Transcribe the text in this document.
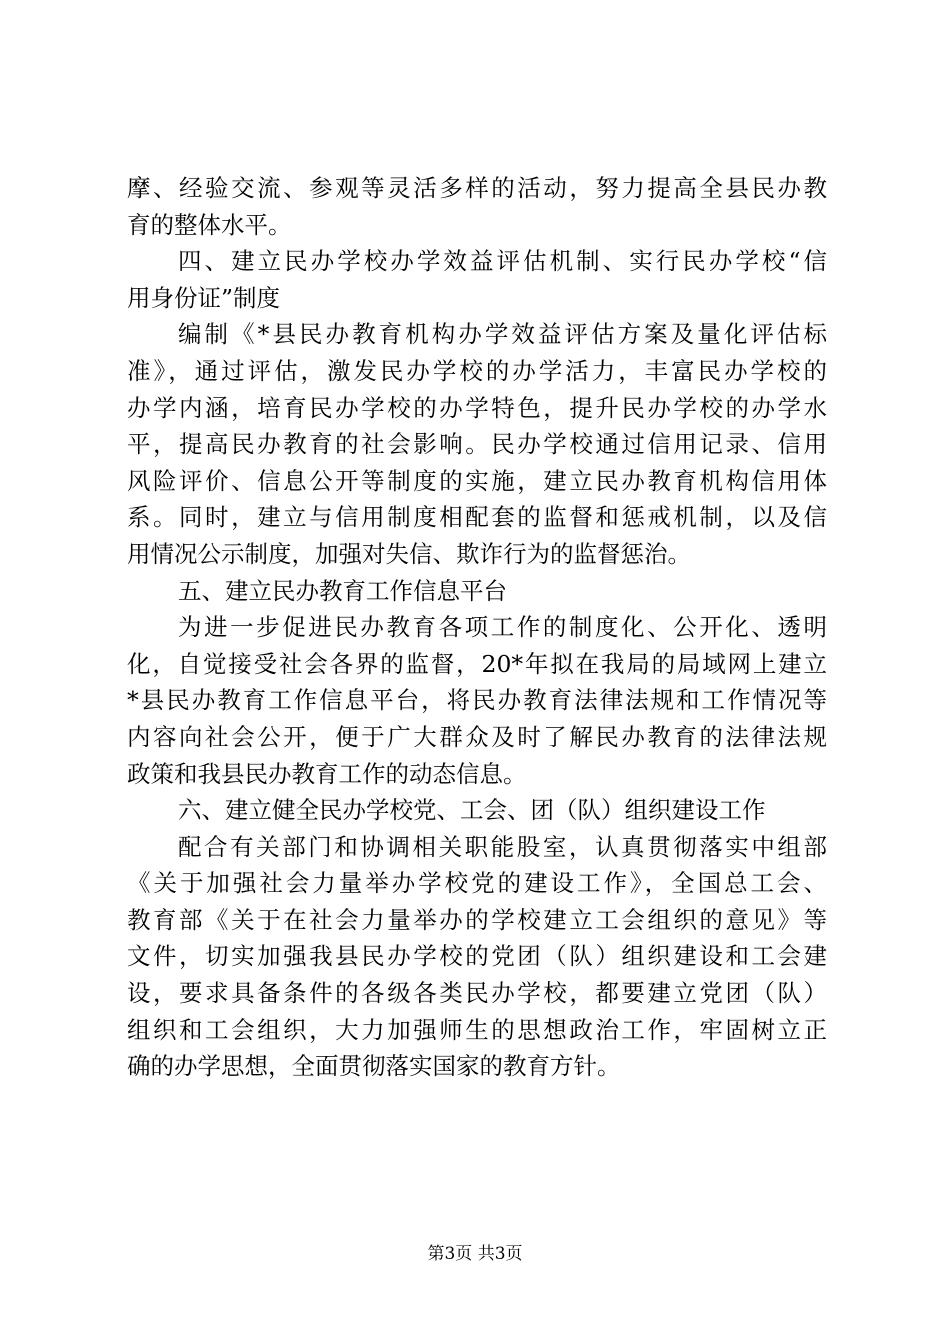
摩、经验交流、参观等灵活多样的活动，努力提高全县民办教
育的整体水平。
四、建立民办学校办学效益评估机制、实行民办学校“信
用身份证”制度
编制《*县民办教育机构办学效益评估方案及量化评估标
准》，通过评估，激发民办学校的办学活力，丰富民办学校的
办学内涵，培育民办学校的办学特色，提升民办学校的办学水
平，提高民办教育的社会影响。民办学校通过信用记录、信用
风险评价、信息公开等制度的实施，建立民办教育机构信用体
系。同时，建立与信用制度相配套的监督和惩戒机制，以及信
用情况公示制度，加强对失信、欺诈行为的监督惩治。
五、建立民办教育工作信息平台
为进一步促进民办教育各项工作的制度化、公开化、透明
化，自觉接受社会各界的监督，20*年拟在我局的局域网上建立
*县民办教育工作信息平台，将民办教育法律法规和工作情况等
内容向社会公开，便于广大群众及时了解民办教育的法律法规
政策和我县民办教育工作的动态信息。
六、建立健全民办学校党、工会、团（队）组织建设工作
配合有关部门和协调相关职能股室，认真贯彻落实中组部
《关于加强社会力量举办学校党的建设工作》，全国总工会、
教育部《关于在社会力量举办的学校建立工会组织的意见》等
文件，切实加强我县民办学校的党团（队）组织建设和工会建
设，要求具备条件的各级各类民办学校，都要建立党团（队）
组织和工会组织，大力加强师生的思想政治工作，牢固树立正
确的办学思想，全面贯彻落实国家的教育方针。
第3页 共3页
